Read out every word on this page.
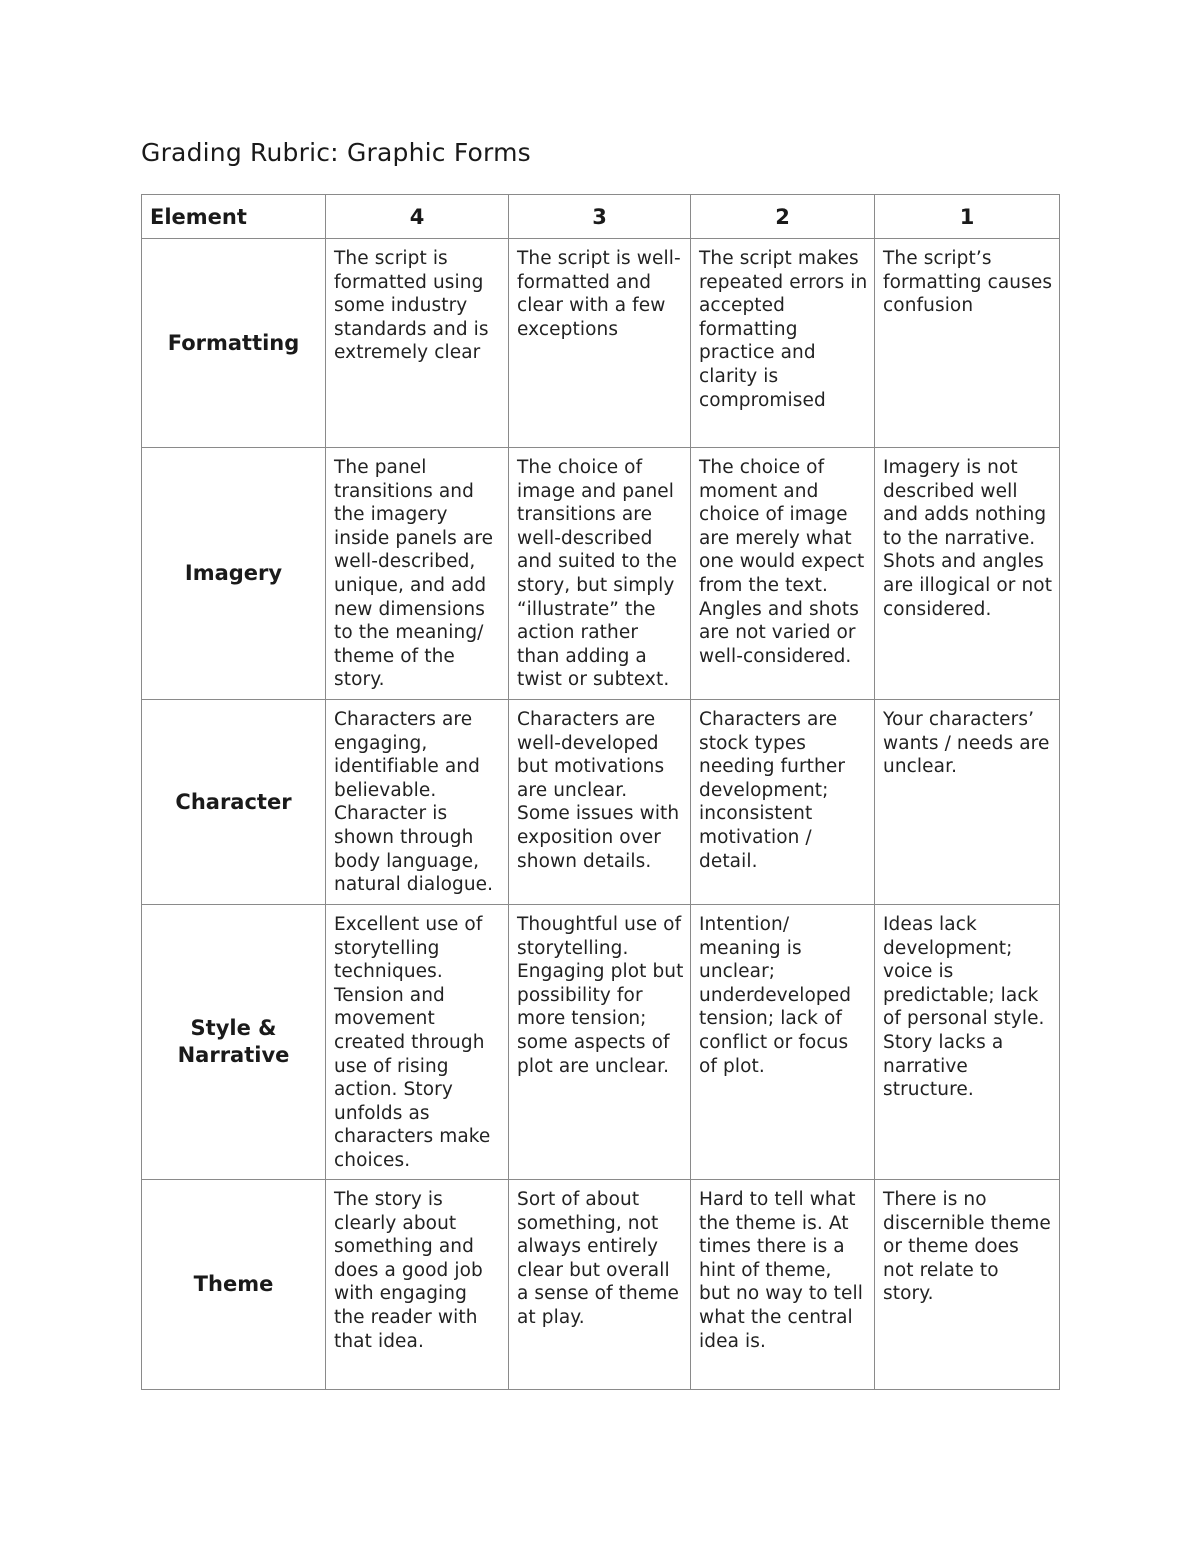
Grading Rubric: Graphic Forms
Element	4	3	2	1
Formatting	The script is formatted using some industry standards and is extremely clear	The script is well-formatted and clear with a few exceptions	The script makes repeated errors in accepted formatting practice and clarity is compromised	The script’s formatting causes confusion
Imagery	The panel transitions and the imagery inside panels are well-described, unique, and add new dimensions to the meaning/ theme of the story.	The choice of image and panel transitions are well-described and suited to the story, but simply “illustrate” the action rather than adding a twist or subtext.	The choice of moment and choice of image are merely what one would expect from the text. Angles and shots are not varied or well-considered.	Imagery is not described well and adds nothing to the narrative. Shots and angles are illogical or not considered.
Character	Characters are engaging, identifiable and believable. Character is shown through body language, natural dialogue.	Characters are well-developed but motivations are unclear. Some issues with exposition over shown details.	Characters are stock types needing further development; inconsistent motivation / detail.	Your characters’ wants / needs are unclear.
Style & Narrative	Excellent use of storytelling techniques. Tension and movement created through use of rising action. Story unfolds as characters make choices.	Thoughtful use of storytelling. Engaging plot but possibility for more tension; some aspects of plot are unclear.	Intention/ meaning is unclear; underdeveloped tension; lack of conflict or focus of plot.	Ideas lack development; voice is predictable; lack of personal style. Story lacks a narrative structure.
Theme	The story is clearly about something and does a good job with engaging the reader with that idea.	Sort of about something, not always entirely clear but overall a sense of theme at play.	Hard to tell what the theme is. At times there is a hint of theme, but no way to tell what the central idea is.	There is no discernible theme or theme does not relate to story.
